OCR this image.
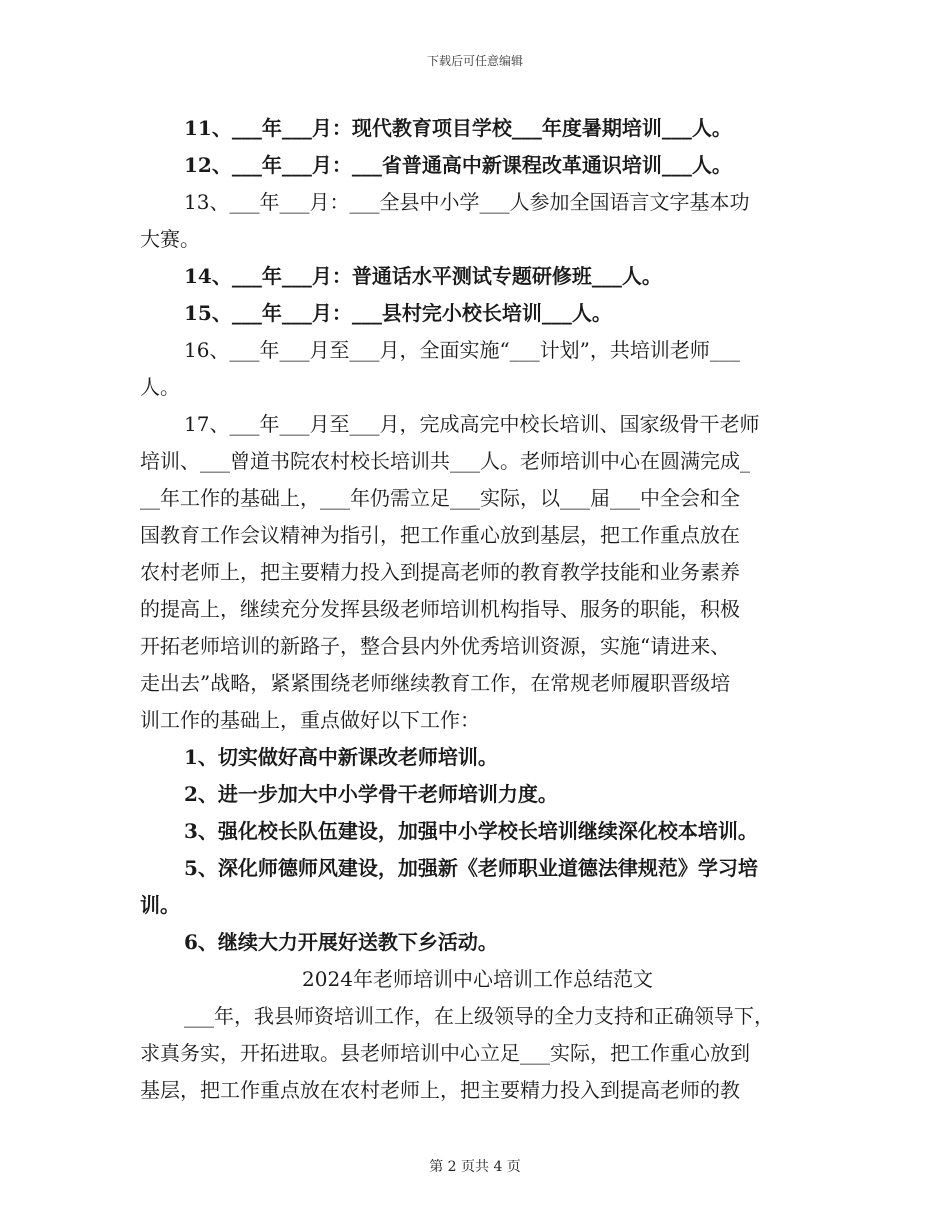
下载后可任意编辑
11、___年___月：现代教育项目学校___年度暑期培训___人。
12、___年___月：___省普通高中新课程改革通识培训___人。
13、___年___月：___全县中小学___人参加全国语言文字基本功
大赛。
14、___年___月：普通话水平测试专题研修班___人。
15、___年___月：___县村完小校长培训___人。
16、___年___月至___月，全面实施“___计划”，共培训老师___
人。
17、___年___月至___月，完成高完中校长培训、国家级骨干老师
培训、___曾道书院农村校长培训共___人。老师培训中心在圆满完成_
__年工作的基础上，___年仍需立足___实际，以___届___中全会和全
国教育工作会议精神为指引，把工作重心放到基层，把工作重点放在
农村老师上，把主要精力投入到提高老师的教育教学技能和业务素养
的提高上，继续充分发挥县级老师培训机构指导、服务的职能，积极
开拓老师培训的新路子，整合县内外优秀培训资源，实施“请进来、
走出去”战略，紧紧围绕老师继续教育工作，在常规老师履职晋级培
训工作的基础上，重点做好以下工作：
1、切实做好高中新课改老师培训。
2、进一步加大中小学骨干老师培训力度。
3、强化校长队伍建设，加强中小学校长培训继续深化校本培训。
5、深化师德师风建设，加强新《老师职业道德法律规范》学习培
训。
6、继续大力开展好送教下乡活动。
2024年老师培训中心培训工作总结范文
___年，我县师资培训工作，在上级领导的全力支持和正确领导下，
求真务实，开拓进取。县老师培训中心立足___实际，把工作重心放到
基层，把工作重点放在农村老师上，把主要精力投入到提高老师的教
第 2 页共 4 页
